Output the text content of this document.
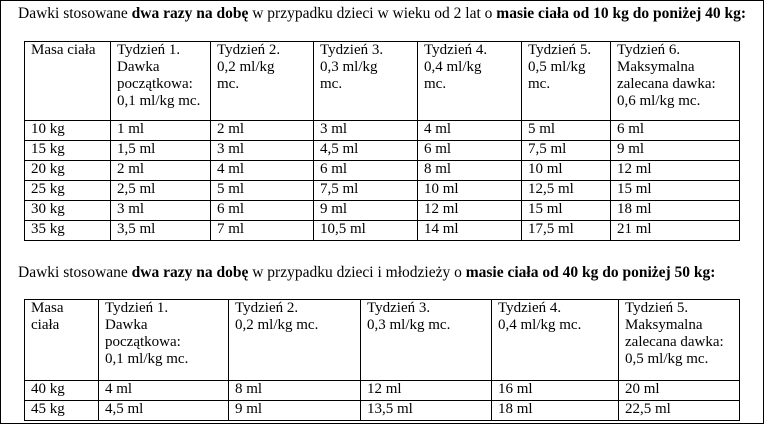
Dawki stosowane dwa razy na dobę w przypadku dzieci w wieku od 2 lat o masie ciała od 10 kg do poniżej 40 kg:
Masa ciała	Tydzień 1.
Dawka
początkowa:
0,1 ml/kg mc.	Tydzień 2.
0,2 ml/kg
mc.	Tydzień 3.
0,3 ml/kg
mc.	Tydzień 4.
0,4 ml/kg
mc.	Tydzień 5.
0,5 ml/kg
mc.	Tydzień 6.
Maksymalna
zalecana dawka:
0,6 ml/kg mc.

10 kg	1 ml	2 ml	3 ml	4 ml	5 ml	6 ml
15 kg	1,5 ml	3 ml	4,5 ml	6 ml	7,5 ml	9 ml
20 kg	2 ml	4 ml	6 ml	8 ml	10 ml	12 ml
25 kg	2,5 ml	5 ml	7,5 ml	10 ml	12,5 ml	15 ml
30 kg	3 ml	6 ml	9 ml	12 ml	15 ml	18 ml
35 kg	3,5 ml	7 ml	10,5 ml	14 ml	17,5 ml	21 ml
Dawki stosowane dwa razy na dobę w przypadku dzieci i młodzieży o masie ciała od 40 kg do poniżej 50 kg:
Masa
ciała	Tydzień 1.
Dawka
początkowa:
0,1 ml/kg mc.	Tydzień 2.
0,2 ml/kg mc.	Tydzień 3.
0,3 ml/kg mc.	Tydzień 4.
0,4 ml/kg mc.	Tydzień 5.
Maksymalna
zalecana dawka:
0,5 ml/kg mc.

40 kg	4 ml	8 ml	12 ml	16 ml	20 ml
45 kg	4,5 ml	9 ml	13,5 ml	18 ml	22,5 ml
